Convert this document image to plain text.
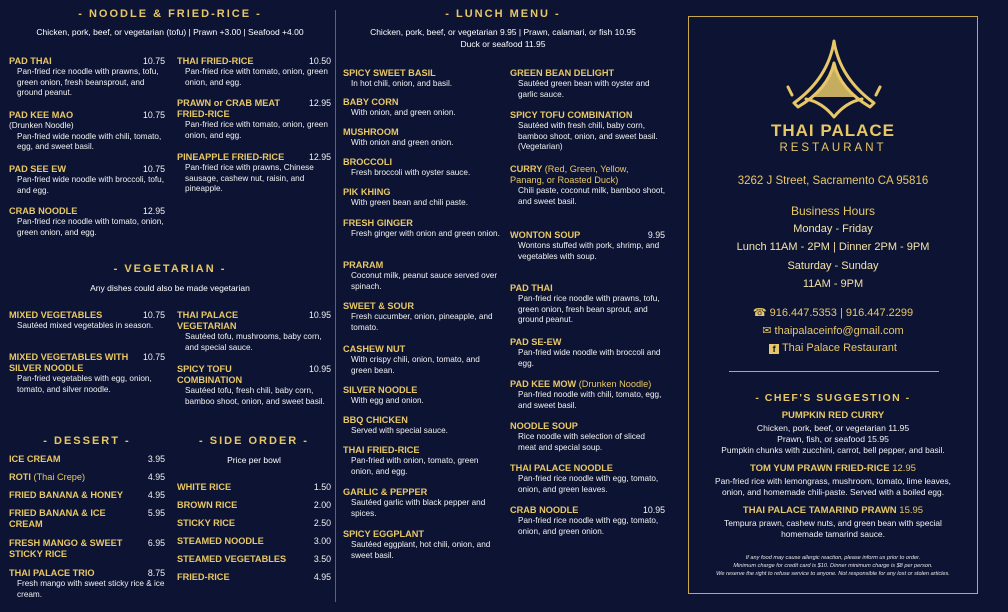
- NOODLE & FRIED-RICE -
Chicken, pork, beef, or vegetarian (tofu) | Prawn +3.00 | Seafood +4.00
PAD THAI	10.75
Pan-fried rice noodle with prawns, tofu, green onion, fresh beansprout, and ground peanut.
PAD KEE MAO	10.75
(Drunken Noodle)
Pan-fried wide noodle with chili, tomato, egg, and sweet basil.
PAD SEE EW	10.75
Pan-fried wide noodle with broccoli, tofu, and egg.
CRAB NOODLE	12.95
Pan-fried rice noodle with tomato, onion, green onion, and egg.
THAI FRIED-RICE	10.50
Pan-fried rice with tomato, onion, green onion, and egg.
PRAWN or CRAB MEAT FRIED-RICE
12.95
Pan-fried rice with tomato, onion, green onion, and egg.
PINEAPPLE FRIED-RICE	12.95
Pan-fried rice with prawns, Chinese sausage, cashew nut, raisin, and pineapple.
- VEGETARIAN -
Any dishes could also be made vegetarian
MIXED VEGETABLES	10.75
Sautéed mixed vegetables in season.
MIXED VEGETABLES WITH SILVER NOODLE
10.75
Pan-fried vegetables with egg, onion, tomato, and silver noodle.
THAI PALACE VEGETARIAN
10.95
Sautéed tofu, mushrooms, baby corn, and special sauce.
SPICY TOFU COMBINATION
10.95
Sautéed tofu, fresh chili, baby corn, bamboo shoot, onion, and sweet basil.
- DESSERT -
ICE CREAM	3.95
ROTI (Thai Crepe)	4.95
FRIED BANANA & HONEY	4.95
FRIED BANANA & ICE CREAM
5.95
FRESH MANGO & SWEET STICKY RICE
6.95
THAI PALACE TRIO	8.75
Fresh mango with sweet sticky rice & ice cream.
- SIDE ORDER -
Price per bowl
WHITE RICE	1.50
BROWN RICE	2.00
STICKY RICE	2.50
STEAMED NOODLE	3.00
STEAMED VEGETABLES	3.50
FRIED-RICE	4.95
- LUNCH MENU -
Chicken, pork, beef, or vegetarian 9.95 | Prawn, calamari, or fish 10.95
Duck or seafood 11.95
SPICY SWEET BASIL
In hot chili, onion, and basil.
BABY CORN
With onion, and green onion.
MUSHROOM
With onion and green onion.
BROCCOLI
Fresh broccoli with oyster sauce.
PIK KHING
With green bean and chili paste.
FRESH GINGER
Fresh ginger with onion and green onion.
PRARAM
Coconut milk, peanut sauce served over spinach.
SWEET & SOUR
Fresh cucumber, onion, pineapple, and tomato.
CASHEW NUT
With crispy chili, onion, tomato, and green bean.
SILVER NOODLE
With egg and onion.
BBQ CHICKEN
Served with special sauce.
THAI FRIED-RICE
Pan-fried with onion, tomato, green onion, and egg.
GARLIC & PEPPER
Sautéed garlic with black pepper and spices.
SPICY EGGPLANT
Sautéed eggplant, hot chili, onion, and sweet basil.
GREEN BEAN DELIGHT
Sautéed green bean with oyster and garlic sauce.
SPICY TOFU COMBINATION
Sautéed with fresh chili, baby corn, bamboo shoot, onion, and sweet basil. (Vegetarian)
CURRY (Red, Green, Yellow, Panang, or Roasted Duck)
Chili paste, coconut milk, bamboo shoot, and sweet basil.
WONTON SOUP	9.95
Wontons stuffed with pork, shrimp, and vegetables with soup.
PAD THAI
Pan-fried rice noodle with prawns, tofu, green onion, fresh bean sprout, and ground peanut.
PAD SE-EW
Pan-fried wide noodle with broccoli and egg.
PAD KEE MOW (Drunken Noodle)
Pan-fried noodle with chili, tomato, egg, and sweet basil.
NOODLE SOUP
Rice noodle with selection of sliced meat and special soup.
THAI PALACE NOODLE
Pan-fried rice noodle with egg, tomato, onion, and green leaves.
CRAB NOODLE	10.95
Pan-fried rice noodle with egg, tomato, onion, and green onion.
THAI PALACE
RESTAURANT
3262 J Street, Sacramento CA 95816
Business Hours
Monday - Friday
Lunch 11AM - 2PM | Dinner 2PM - 9PM
Saturday - Sunday
11AM - 9PM
☎ 916.447.5353 | 916.447.2299
✉ thaipalaceinfo@gmail.com
f Thai Palace Restaurant
- CHEF'S SUGGESTION -
PUMPKIN RED CURRY
Chicken, pork, beef, or vegetarian 11.95
Prawn, fish, or seafood 15.95
Pumpkin chunks with zucchini, carrot, bell pepper, and basil.
TOM YUM PRAWN FRIED-RICE 12.95
Pan-fried rice with lemongrass, mushroom, tomato, lime leaves,
onion, and homemade chili-paste. Served with a boiled egg.
THAI PALACE TAMARIND PRAWN 15.95
Tempura prawn, cashew nuts, and green bean with special
homemade tamarind sauce.
If any food may cause allergic reaction, please inform us prior to order.
Minimum charge for credit card is $10. Dinner minimum charge is $8 per person.
We reserve the right to refuse service to anyone. Not responsible for any lost or stolen articles.
